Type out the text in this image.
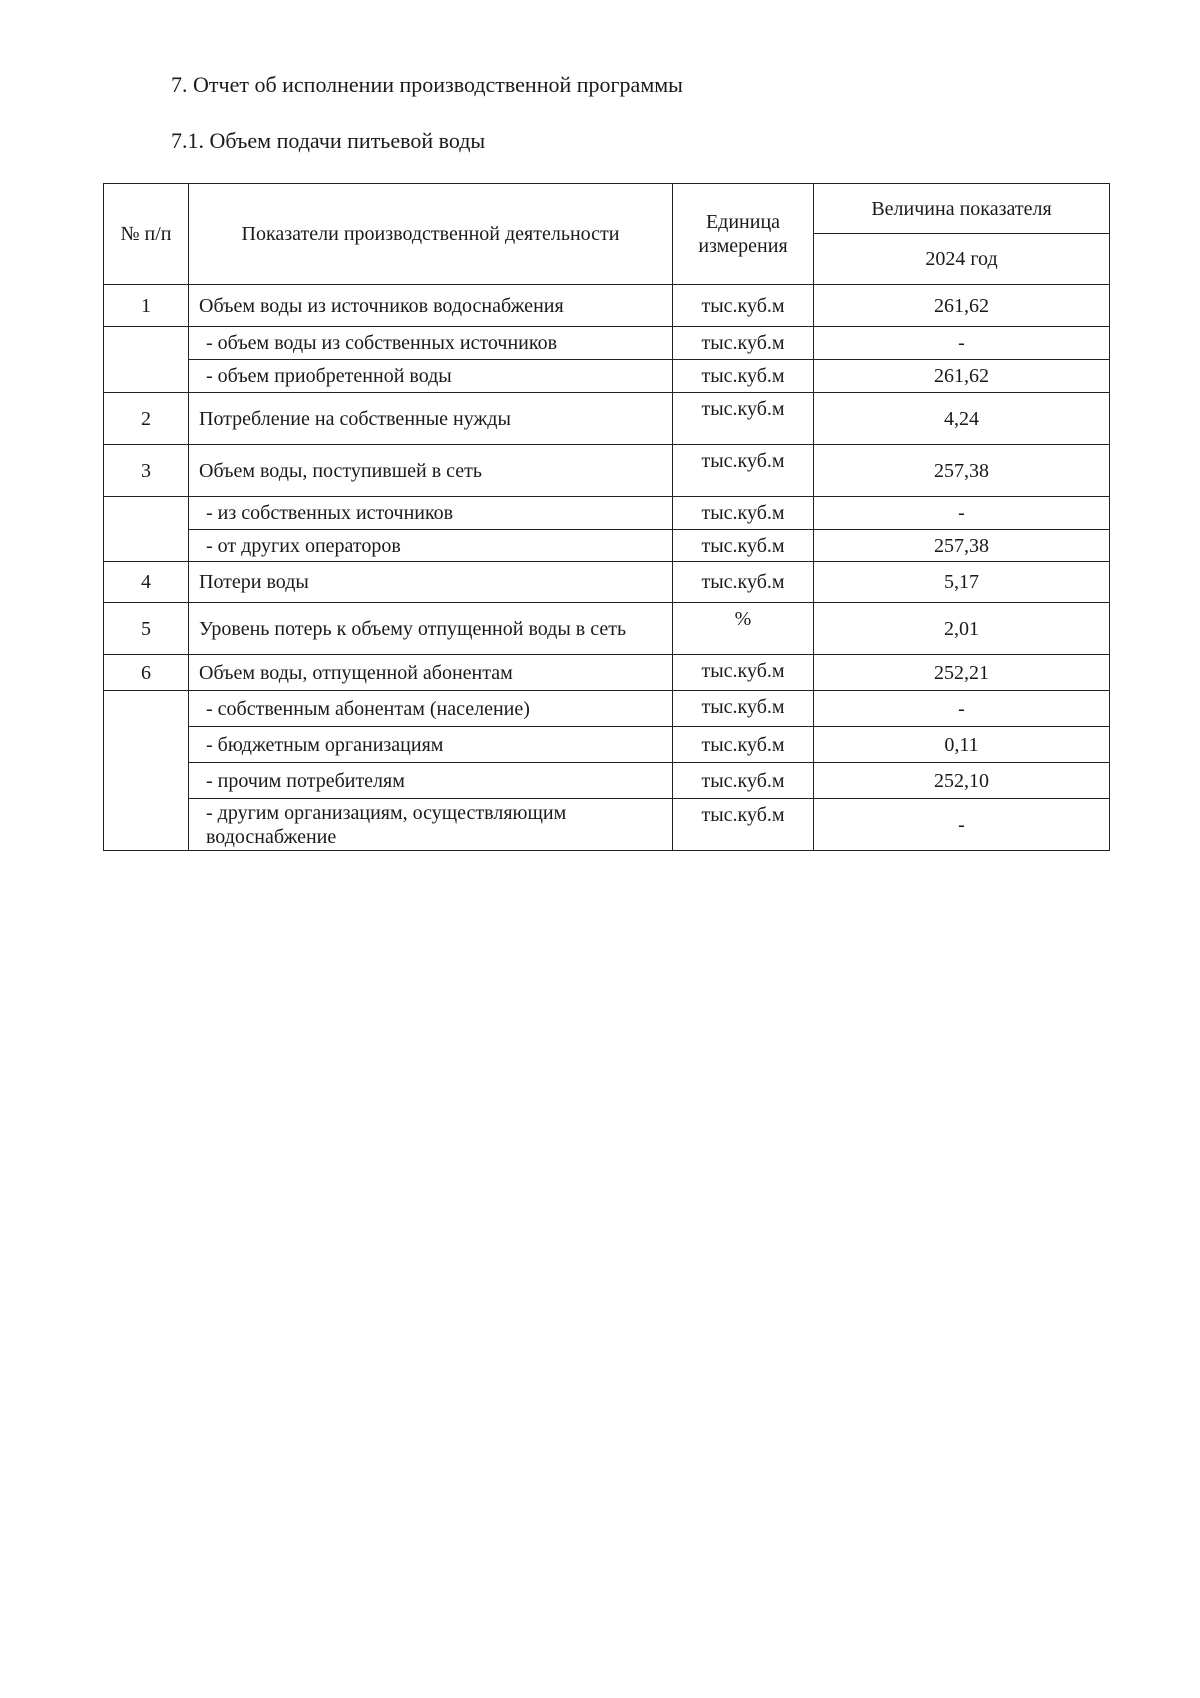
7. Отчет об исполнении производственной программы
7.1. Объем подачи питьевой воды
№ п/п	Показатели производственной деятельности	Единица измерения	Величина показателя
			2024 год
1	Объем воды из источников водоснабжения	тыс.куб.м	261,62
	- объем воды из собственных источников	тыс.куб.м	-
	- объем приобретенной воды	тыс.куб.м	261,62
2	Потребление на собственные нужды	тыс.куб.м	4,24
3	Объем воды, поступившей в сеть	тыс.куб.м	257,38
	- из собственных источников	тыс.куб.м	-
	- от других операторов	тыс.куб.м	257,38
4	Потери воды	тыс.куб.м	5,17
5	Уровень потерь к объему отпущенной воды в сеть	%	2,01
6	Объем воды, отпущенной абонентам	тыс.куб.м	252,21
	- собственным абонентам (население)	тыс.куб.м	-
	- бюджетным организациям	тыс.куб.м	0,11
	- прочим потребителям	тыс.куб.м	252,10
	- другим организациям, осуществляющим водоснабжение	тыс.куб.м	-
